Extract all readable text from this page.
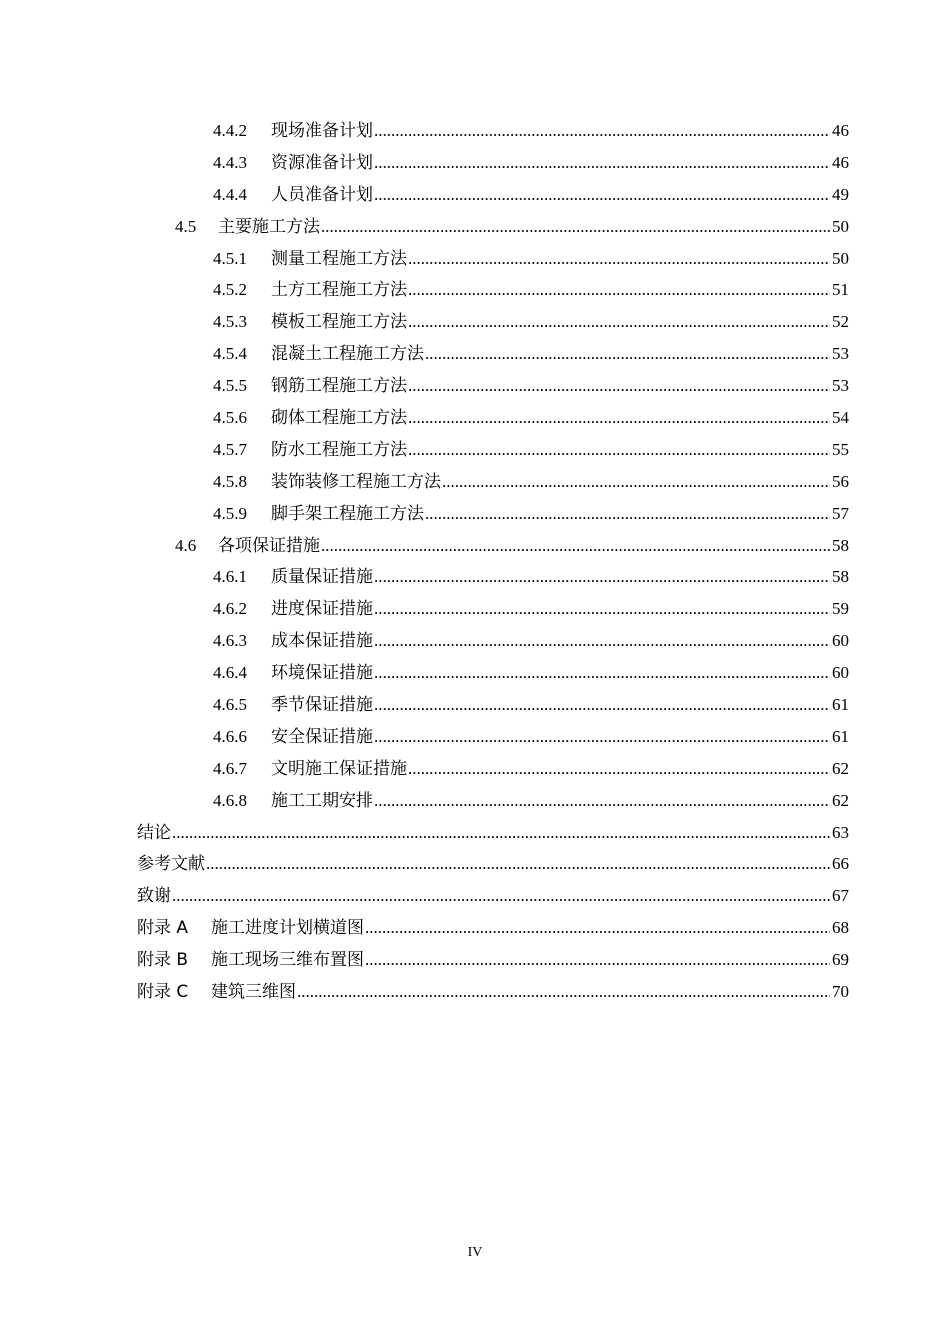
4.4.2	现场准备计划 .....	46
4.4.3	资源准备计划 .....	46
4.4.4	人员准备计划 .....	49
4.5	主要施工方法 .....	50
4.5.1	测量工程施工方法 .....	50
4.5.2	土方工程施工方法 .....	51
4.5.3	模板工程施工方法 .....	52
4.5.4	混凝土工程施工方法 .....	53
4.5.5	钢筋工程施工方法 .....	53
4.5.6	砌体工程施工方法 .....	54
4.5.7	防水工程施工方法 .....	55
4.5.8	装饰装修工程施工方法 .....	56
4.5.9	脚手架工程施工方法 .....	57
4.6	各项保证措施 .....	58
4.6.1	质量保证措施 .....	58
4.6.2	进度保证措施 .....	59
4.6.3	成本保证措施 .....	60
4.6.4	环境保证措施 .....	60
4.6.5	季节保证措施 .....	61
4.6.6	安全保证措施 .....	61
4.6.7	文明施工保证措施 .....	62
4.6.8	施工工期安排 .....	62
结论 .....	63
参考文献 .....	66
致谢 .....	67
附录 A	施工进度计划横道图 .....	68
附录 B	施工现场三维布置图 .....	69
附录 C	建筑三维图 .....	70
IV
